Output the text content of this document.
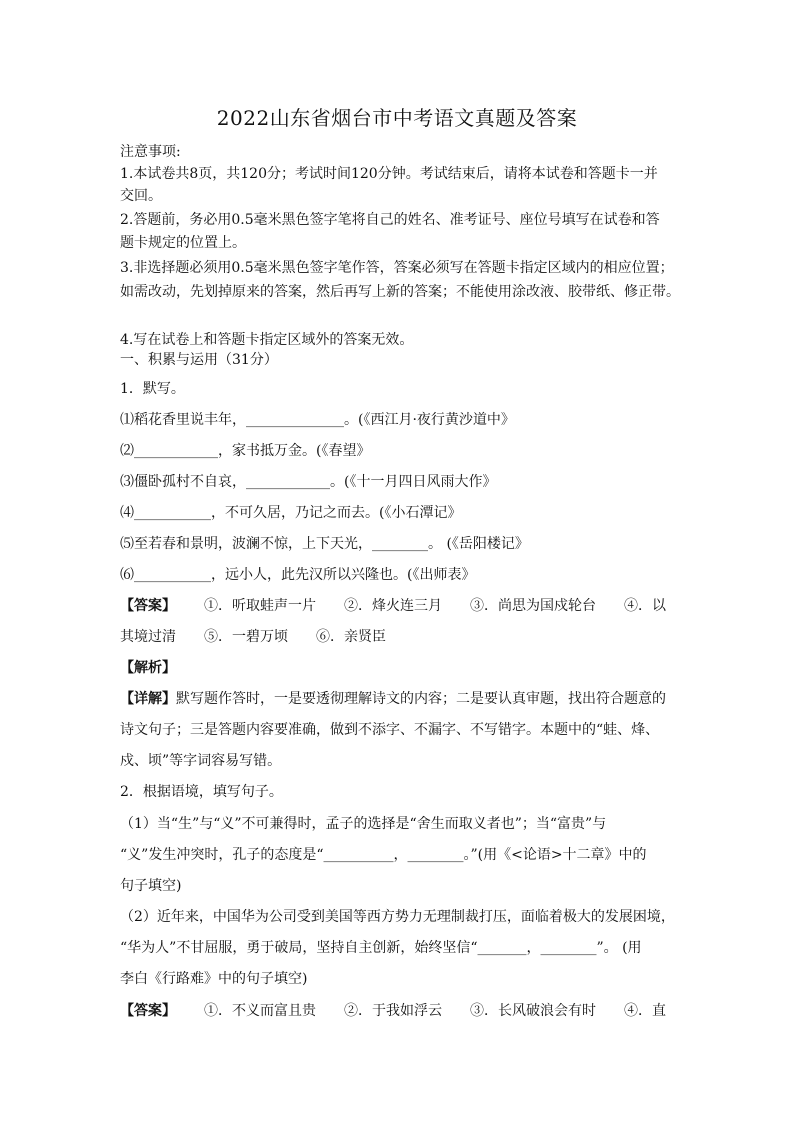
2022山东省烟台市中考语文真题及答案
注意事项:
1.本试卷共8页，共120分；考试时间120分钟。考试结束后，请将本试卷和答题卡一并
交回。
2.答题前，务必用0.5毫米黑色签字笔将自己的姓名、准考证号、座位号填写在试卷和答
题卡规定的位置上。
3.非选择题必须用0.5毫米黑色签字笔作答，答案必须写在答题卡指定区域内的相应位置；
如需改动，先划掉原来的答案，然后再写上新的答案；不能使用涂改液、胶带纸、修正带。
4.写在试卷上和答题卡指定区域外的答案无效。
一、积累与运用（31分）
1．默写。
⑴稻花香里说丰年，______________。(《西江月·夜行黄沙道中》
⑵____________，家书抵万金。(《春望》
⑶僵卧孤村不自哀，____________。(《十一月四日风雨大作》
⑷___________，不可久居，乃记之而去。(《小石潭记》
⑸至若春和景明，波澜不惊，上下天光，________。 (《岳阳楼记》
⑹___________，远小人，此先汉所以兴隆也。(《出师表》
【答案】 ①．听取蛙声一片 ②．烽火连三月 ③．尚思为国戍轮台 ④．以
其境过清 ⑤．一碧万顷 ⑥．亲贤臣
【解析】
【详解】默写题作答时，一是要透彻理解诗文的内容；二是要认真审题，找出符合题意的
诗文句子；三是答题内容要准确，做到不添字、不漏字、不写错字。本题中的“蛙、烽、
戍、顷”等字词容易写错。
2．根据语境，填写句子。
（1）当“生”与“义”不可兼得时，孟子的选择是“舍生而取义者也”；当“富贵”与
“义”发生冲突时，孔子的态度是“__________，________。”(用《<论语>十二章》中的
句子填空)
（2）近年来，中国华为公司受到美国等西方势力无理制裁打压，面临着极大的发展困境，
“华为人”不甘屈服，勇于破局，坚持自主创新，始终坚信“_______，________”。 (用
李白《行路难》中的句子填空)
【答案】 ①．不义而富且贵 ②．于我如浮云 ③．长风破浪会有时 ④．直
